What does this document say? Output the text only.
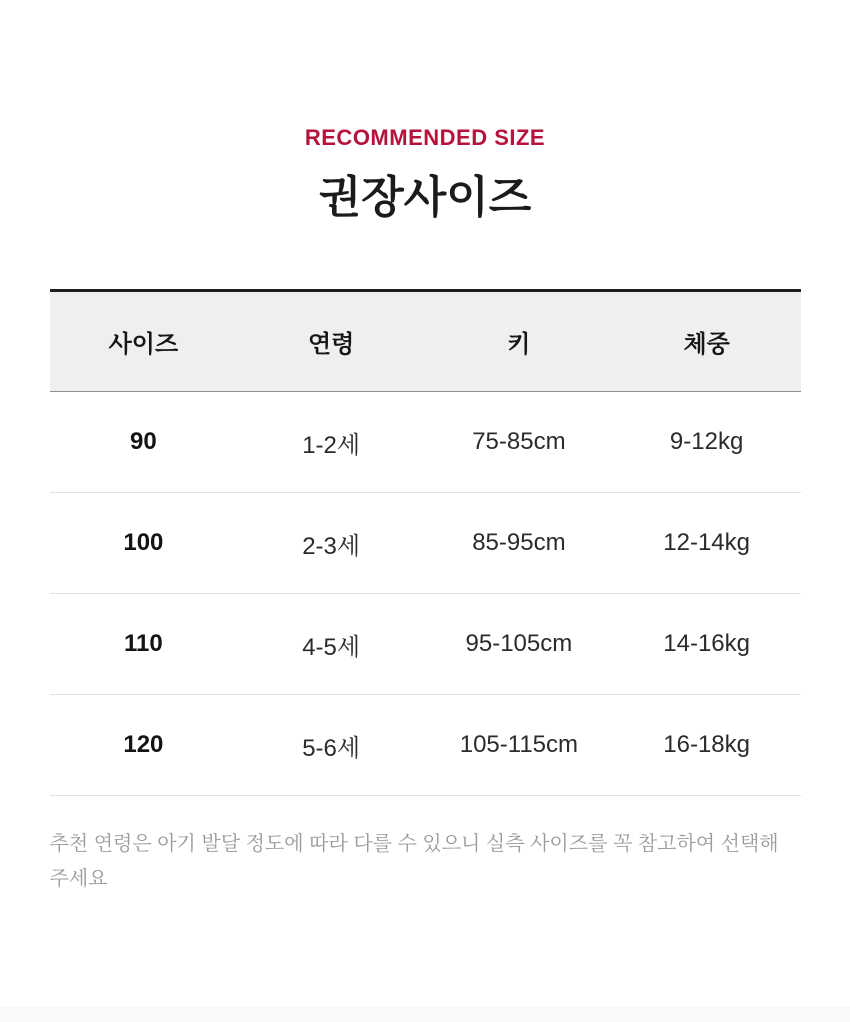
RECOMMENDED SIZE

권장사이즈
사이즈	연령	키	체중
90	1-2세	75-85cm	9-12kg
100	2-3세	85-95cm	12-14kg
110	4-5세	95-105cm	14-16kg
120	5-6세	105-115cm	16-18kg

추천 연령은 아기 발달 정도에 따라 다를 수 있으니 실측 사이즈를 꼭 참고하여 선택해 주세요
